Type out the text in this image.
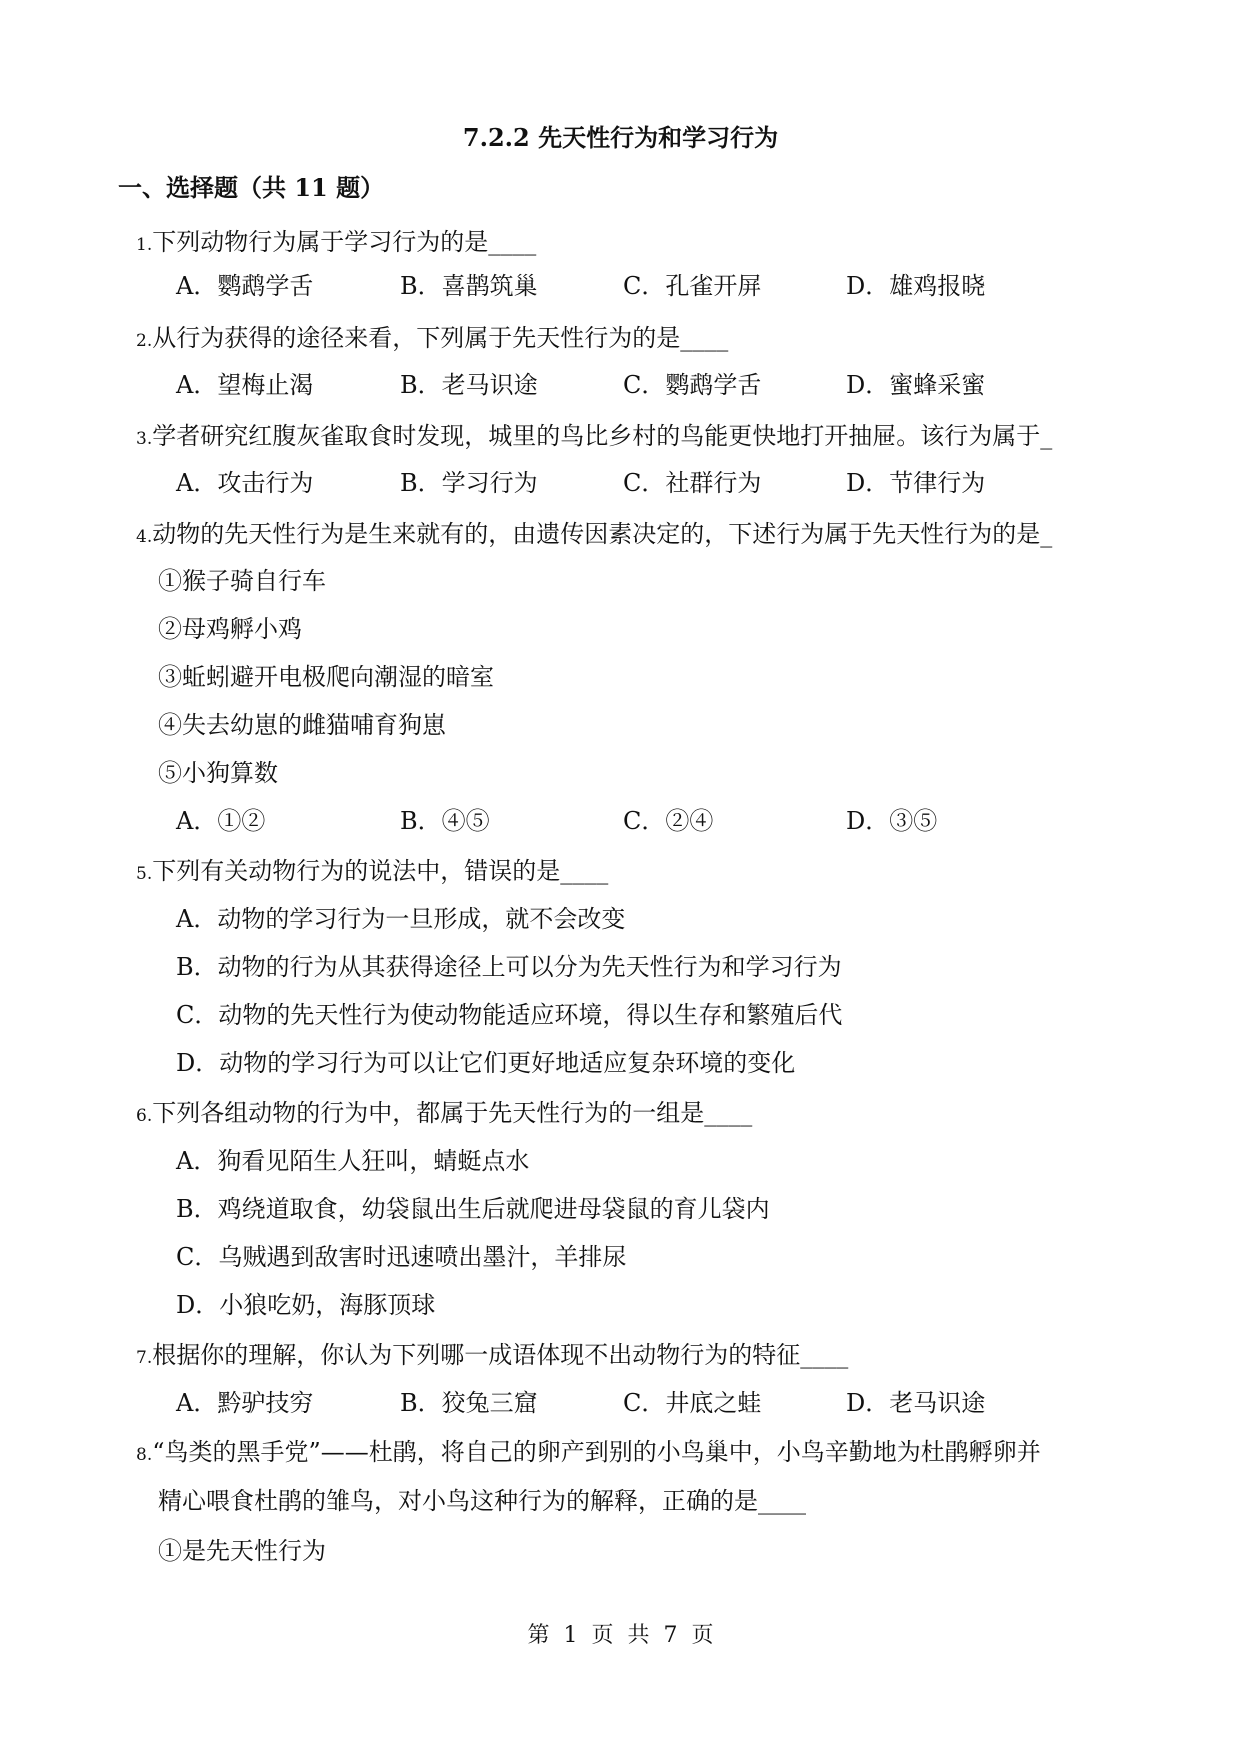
7.2.2 先天性行为和学习行为
一、选择题（共 11 题）
1.下列动物行为属于学习行为的是____
A．鹦鹉学舌	B．喜鹊筑巢	C．孔雀开屏	D．雄鸡报晓
2.从行为获得的途径来看，下列属于先天性行为的是____
A．望梅止渴	B．老马识途	C．鹦鹉学舌	D．蜜蜂采蜜
3.学者研究红腹灰雀取食时发现，城里的鸟比乡村的鸟能更快地打开抽屉。该行为属于_
A．攻击行为	B．学习行为	C．社群行为	D．节律行为
4.动物的先天性行为是生来就有的，由遗传因素决定的，下述行为属于先天性行为的是_
①猴子骑自行车
②母鸡孵小鸡
③蚯蚓避开电极爬向潮湿的暗室
④失去幼崽的雌猫哺育狗崽
⑤小狗算数
A．①②	B．④⑤	C．②④	D．③⑤
5.下列有关动物行为的说法中，错误的是____
A．动物的学习行为一旦形成，就不会改变
B．动物的行为从其获得途径上可以分为先天性行为和学习行为
C．动物的先天性行为使动物能适应环境，得以生存和繁殖后代
D．动物的学习行为可以让它们更好地适应复杂环境的变化
6.下列各组动物的行为中，都属于先天性行为的一组是____
A．狗看见陌生人狂叫，蜻蜓点水
B．鸡绕道取食，幼袋鼠出生后就爬进母袋鼠的育儿袋内
C．乌贼遇到敌害时迅速喷出墨汁，羊排尿
D．小狼吃奶，海豚顶球
7.根据你的理解，你认为下列哪一成语体现不出动物行为的特征____
A．黔驴技穷	B．狡兔三窟	C．井底之蛙	D．老马识途
8.“鸟类的黑手党”——杜鹃，将自己的卵产到别的小鸟巢中，小鸟辛勤地为杜鹃孵卵并
精心喂食杜鹃的雏鸟，对小鸟这种行为的解释，正确的是____
①是先天性行为
第 1 页 共 7 页
